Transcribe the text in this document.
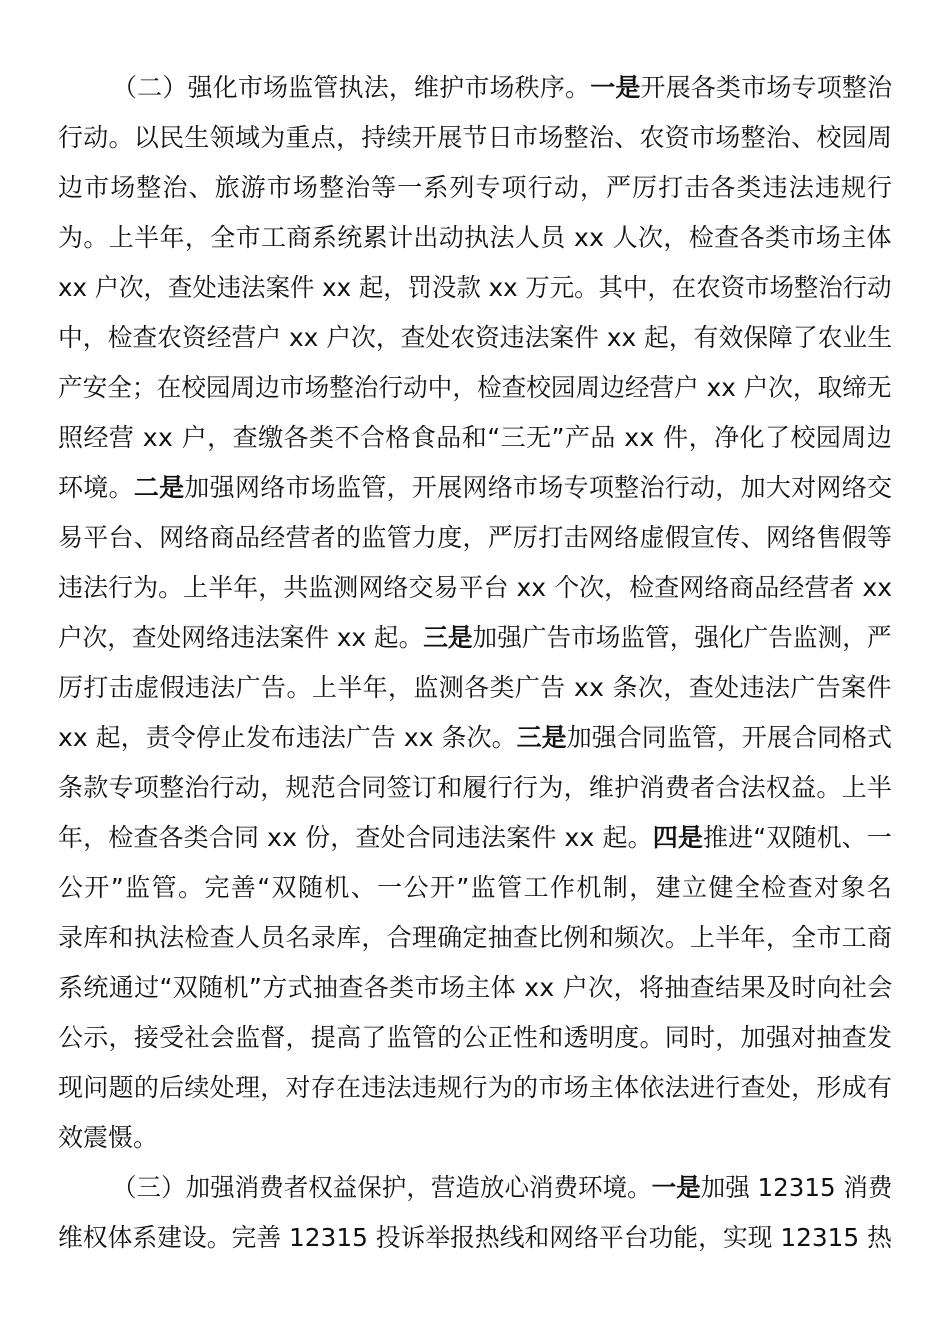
（二）强化市场监管执法，维护市场秩序。一是开展各类市场专项整治
行动。以民生领域为重点，持续开展节日市场整治、农资市场整治、校园周
边市场整治、旅游市场整治等一系列专项行动，严厉打击各类违法违规行
为。上半年，全市工商系统累计出动执法人员 xx 人次，检查各类市场主体
xx 户次，查处违法案件 xx 起，罚没款 xx 万元。其中，在农资市场整治行动
中，检查农资经营户 xx 户次，查处农资违法案件 xx 起，有效保障了农业生
产安全；在校园周边市场整治行动中，检查校园周边经营户 xx 户次，取缔无
照经营 xx 户，查缴各类不合格食品和“三无”产品 xx 件，净化了校园周边
环境。二是加强网络市场监管，开展网络市场专项整治行动，加大对网络交
易平台、网络商品经营者的监管力度，严厉打击网络虚假宣传、网络售假等
违法行为。上半年，共监测网络交易平台 xx 个次，检查网络商品经营者 xx
户次，查处网络违法案件 xx 起。三是加强广告市场监管，强化广告监测，严
厉打击虚假违法广告。上半年，监测各类广告 xx 条次，查处违法广告案件
xx 起，责令停止发布违法广告 xx 条次。三是加强合同监管，开展合同格式
条款专项整治行动，规范合同签订和履行行为，维护消费者合法权益。上半
年，检查各类合同 xx 份，查处合同违法案件 xx 起。四是推进“双随机、一
公开”监管。完善“双随机、一公开”监管工作机制，建立健全检查对象名
录库和执法检查人员名录库，合理确定抽查比例和频次。上半年，全市工商
系统通过“双随机”方式抽查各类市场主体 xx 户次，将抽查结果及时向社会
公示，接受社会监督，提高了监管的公正性和透明度。同时，加强对抽查发
现问题的后续处理，对存在违法违规行为的市场主体依法进行查处，形成有
效震慑。
（三）加强消费者权益保护，营造放心消费环境。一是加强 12315 消费
维权体系建设。完善 12315 投诉举报热线和网络平台功能，实现 12315 热
